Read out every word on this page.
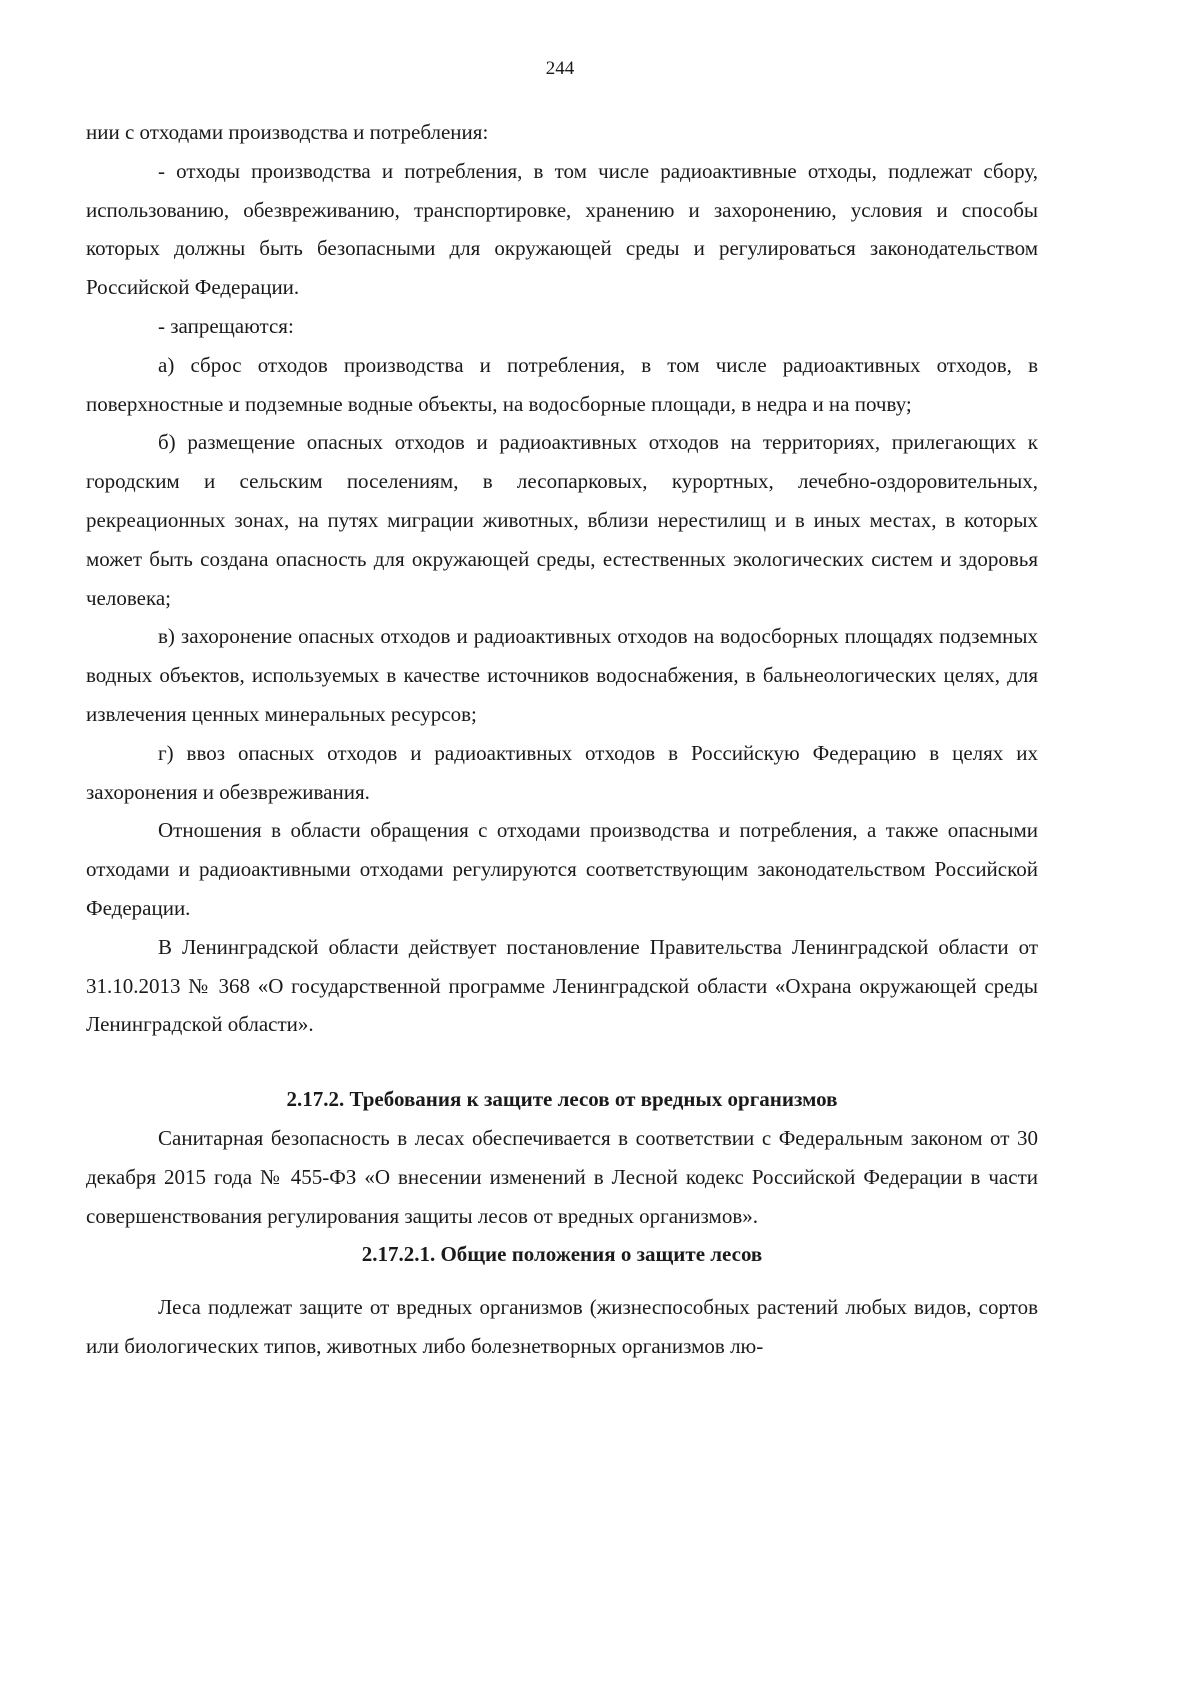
244

нии с отходами производства и потребления:

- отходы производства и потребления, в том числе радиоактивные отходы, подлежат сбору, использованию, обезвреживанию, транспортировке, хранению и захоронению, условия и способы которых должны быть безопасными для окружающей среды и регулироваться законодательством Российской Федерации.

- запрещаются:

а) сброс отходов производства и потребления, в том числе радиоактивных отходов, в поверхностные и подземные водные объекты, на водосборные площади, в недра и на почву;

б) размещение опасных отходов и радиоактивных отходов на территориях, прилегающих к городским и сельским поселениям, в лесопарковых, курортных, лечебно-оздоровительных, рекреационных зонах, на путях миграции животных, вблизи нерестилищ и в иных местах, в которых может быть создана опасность для окружающей среды, естественных экологических систем и здоровья человека;

в) захоронение опасных отходов и радиоактивных отходов на водосборных площадях подземных водных объектов, используемых в качестве источников водоснабжения, в бальнеологических целях, для извлечения ценных минеральных ресурсов;

г) ввоз опасных отходов и радиоактивных отходов в Российскую Федерацию в целях их захоронения и обезвреживания.

Отношения в области обращения с отходами производства и потребления, а также опасными отходами и радиоактивными отходами регулируются соответствующим законодательством Российской Федерации.

В Ленинградской области действует постановление Правительства Ленинградской области от 31.10.2013 № 368 «О государственной программе Ленинградской области «Охрана окружающей среды Ленинградской области».

2.17.2. Требования к защите лесов от вредных организмов

Санитарная безопасность в лесах обеспечивается в соответствии с Федеральным законом от 30 декабря 2015 года № 455-ФЗ «О внесении изменений в Лесной кодекс Российской Федерации в части совершенствования регулирования защиты лесов от вредных организмов».

2.17.2.1. Общие положения о защите лесов

Леса подлежат защите от вредных организмов (жизнеспособных растений любых видов, сортов или биологических типов, животных либо болезнетворных организмов лю-
